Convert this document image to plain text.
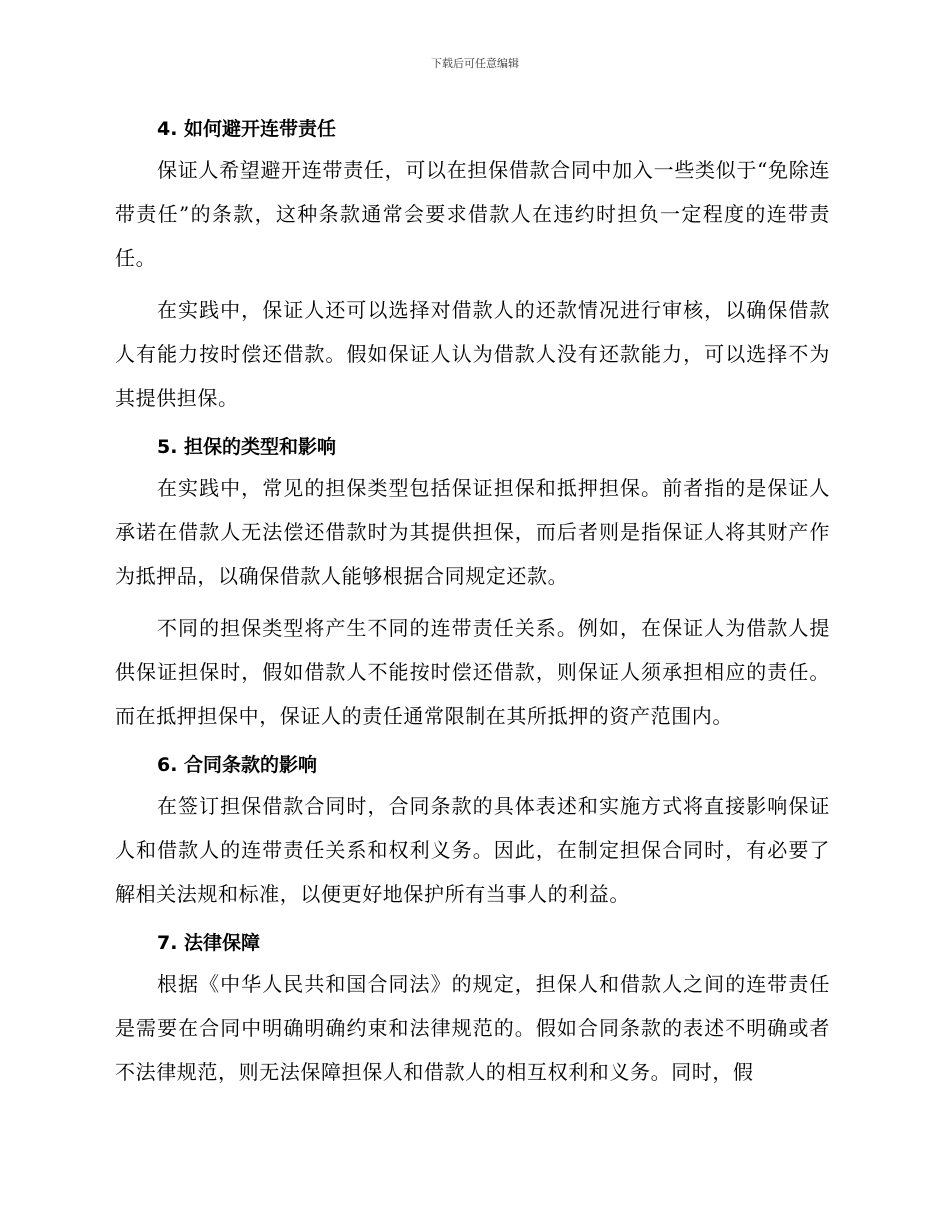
下载后可任意编辑
4. 如何避开连带责任

保证人希望避开连带责任，可以在担保借款合同中加入一些类似于“免除连带责任”的条款，这种条款通常会要求借款人在违约时担负一定程度的连带责任。

在实践中，保证人还可以选择对借款人的还款情况进行审核，以确保借款人有能力按时偿还借款。假如保证人认为借款人没有还款能力，可以选择不为其提供担保。

5. 担保的类型和影响

在实践中，常见的担保类型包括保证担保和抵押担保。前者指的是保证人承诺在借款人无法偿还借款时为其提供担保，而后者则是指保证人将其财产作为抵押品，以确保借款人能够根据合同规定还款。

不同的担保类型将产生不同的连带责任关系。例如，在保证人为借款人提供保证担保时，假如借款人不能按时偿还借款，则保证人须承担相应的责任。而在抵押担保中，保证人的责任通常限制在其所抵押的资产范围内。

6. 合同条款的影响

在签订担保借款合同时，合同条款的具体表述和实施方式将直接影响保证人和借款人的连带责任关系和权利义务。因此，在制定担保合同时，有必要了解相关法规和标准，以便更好地保护所有当事人的利益。

7. 法律保障

根据《中华人民共和国合同法》的规定，担保人和借款人之间的连带责任是需要在合同中明确明确约束和法律规范的。假如合同条款的表述不明确或者不法律规范，则无法保障担保人和借款人的相互权利和义务。同时，假
